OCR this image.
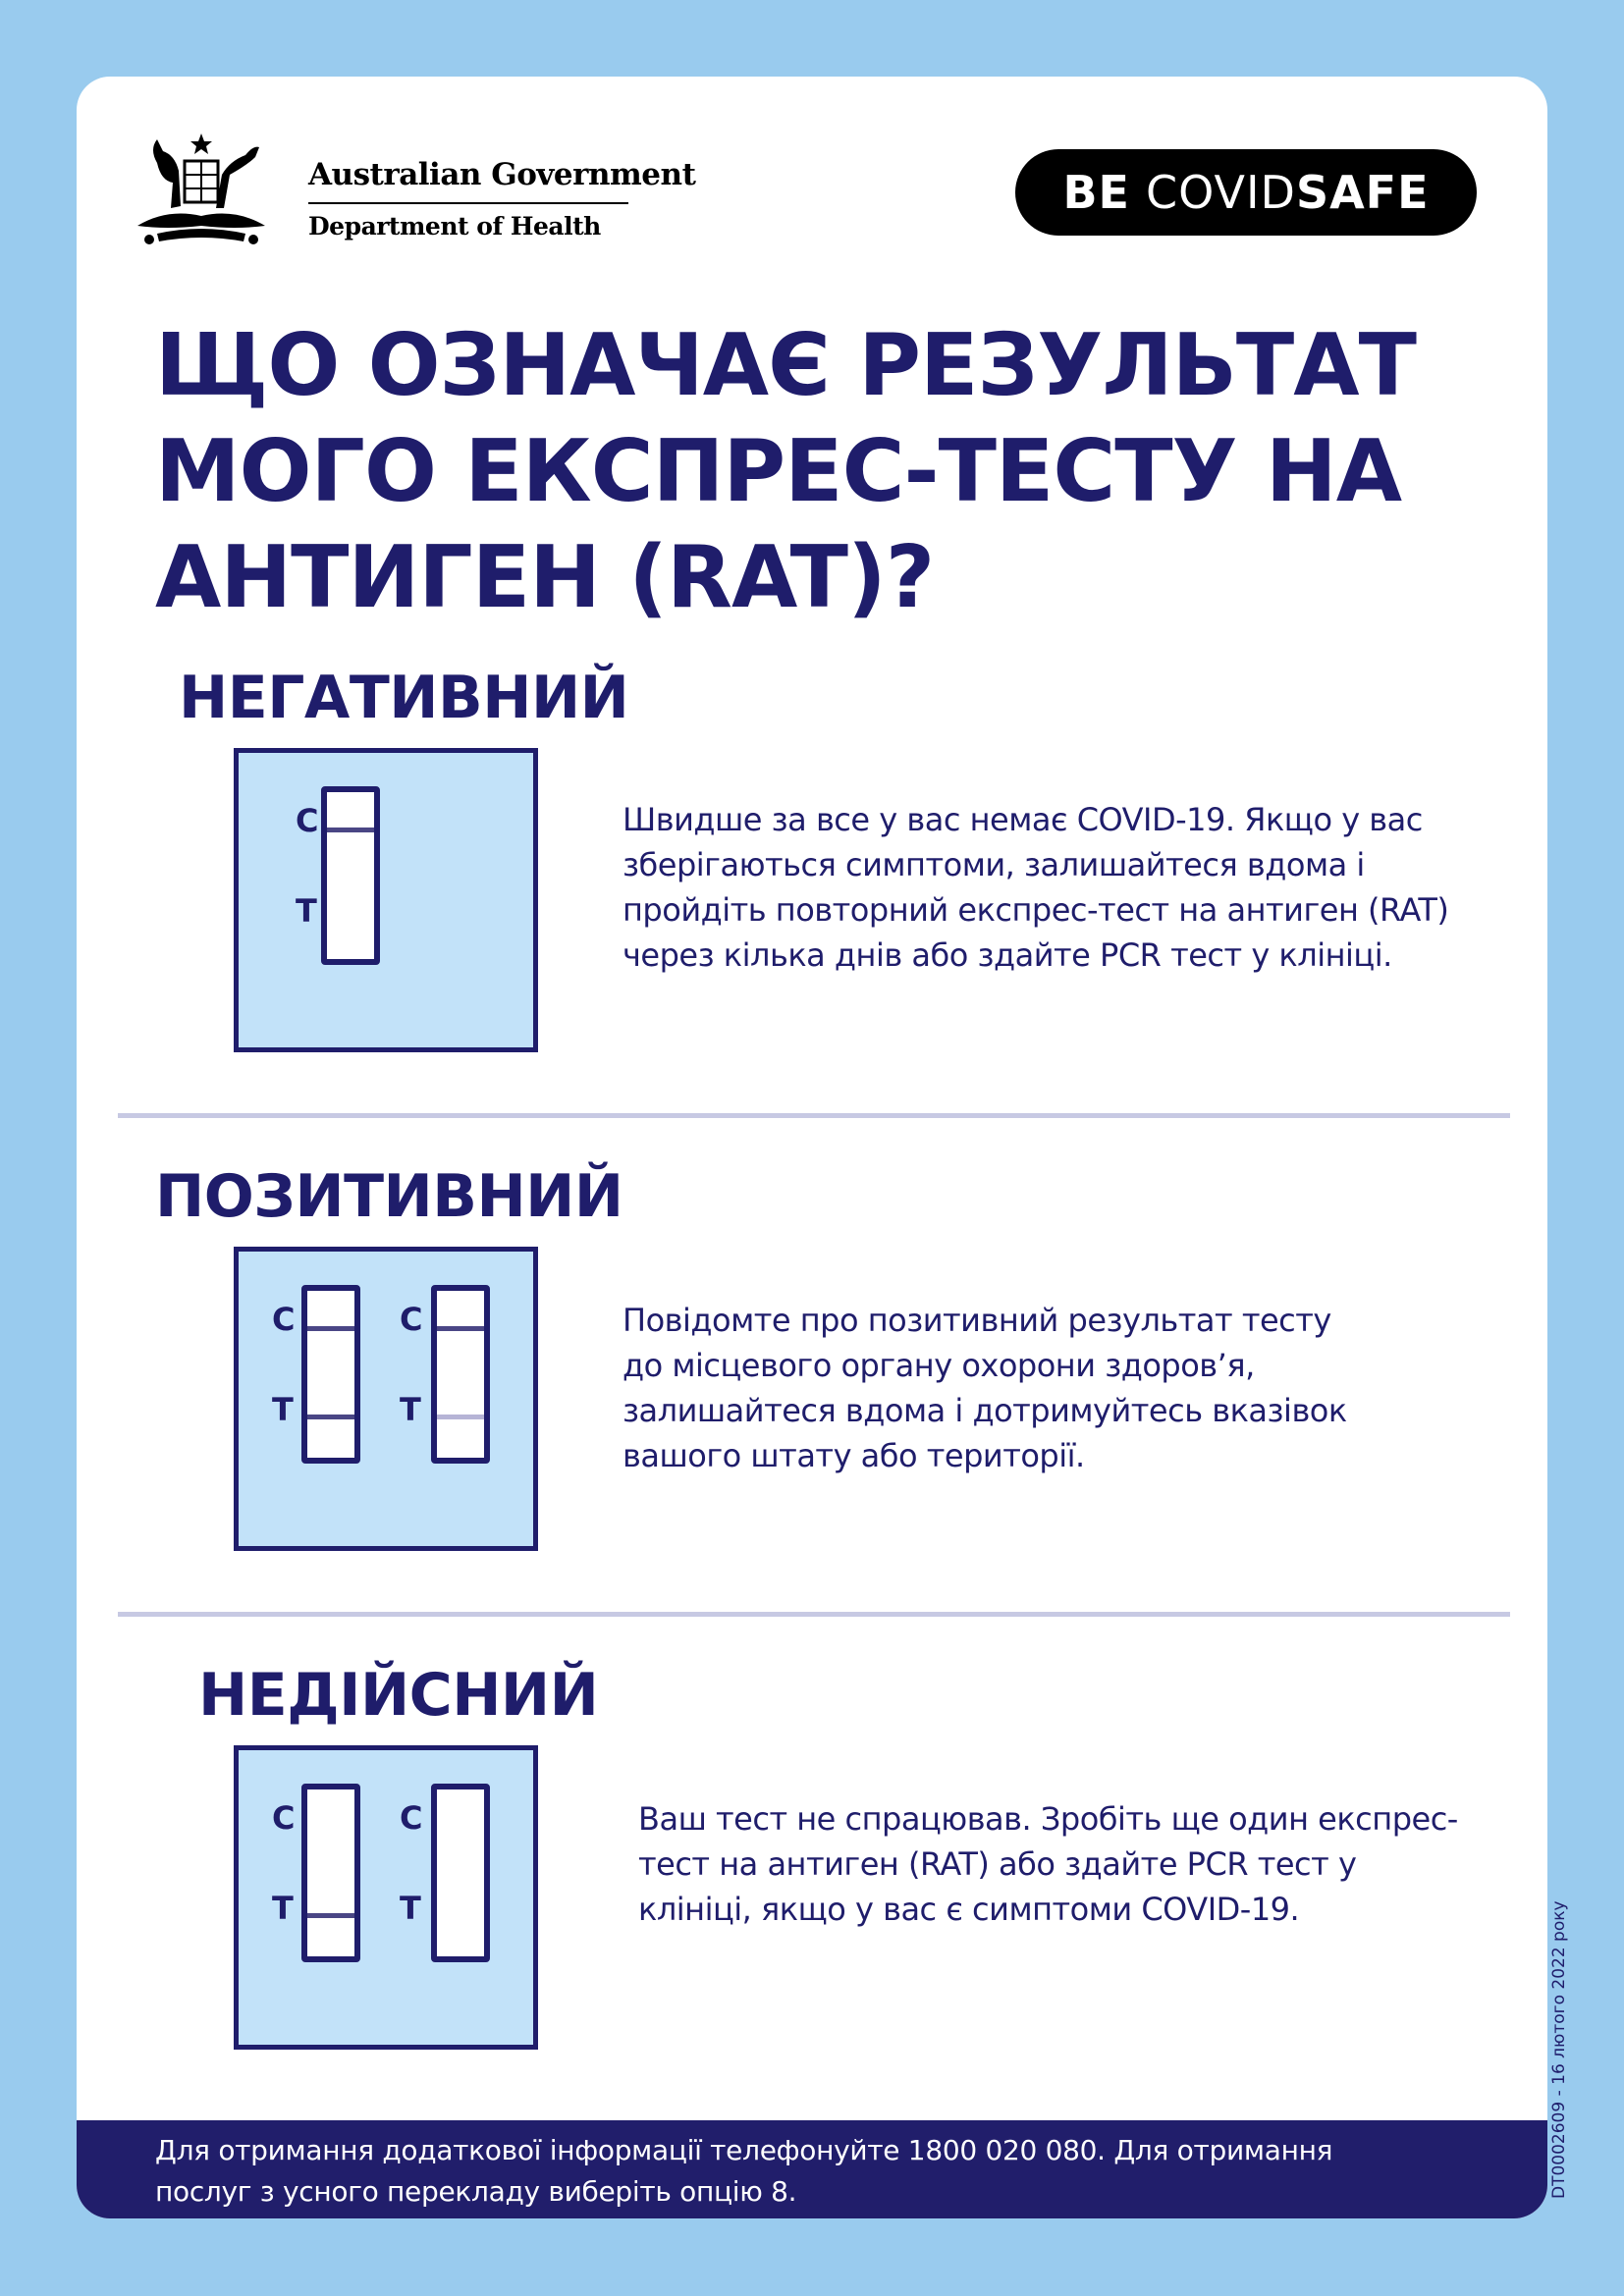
Australian Government
Department of Health
BE COVID SAFE
ЩО ОЗНАЧАЄ РЕЗУЛЬТАТ МОГО ЕКСПРЕС-ТЕСТУ НА АНТИГЕН (RAT)?
НЕГАТИВНИЙ
C
T
Швидше за все у вас немає COVID-19. Якщо у вас зберігаються симптоми, залишайтеся вдома і пройдіть повторний експрес-тест на антиген (RAT) через кілька днів або здайте PCR тест у клініці.
ПОЗИТИВНИЙ
C
T
C
T
Повідомте про позитивний результат тесту до місцевого органу охорони здоров’я, залишайтеся вдома і дотримуйтесь вказівок вашого штату або території.
НЕДІЙСНИЙ
C
T
C
T
Ваш тест не спрацював. Зробіть ще один експрес-тест на антиген (RAT) або здайте PCR тест у клініці, якщо у вас є симптоми COVID-19.
Для отримання додаткової інформації телефонуйте 1800 020 080. Для отримання послуг з усного перекладу виберіть опцію 8.	DT0002609 - 16 лютого 2022 року
